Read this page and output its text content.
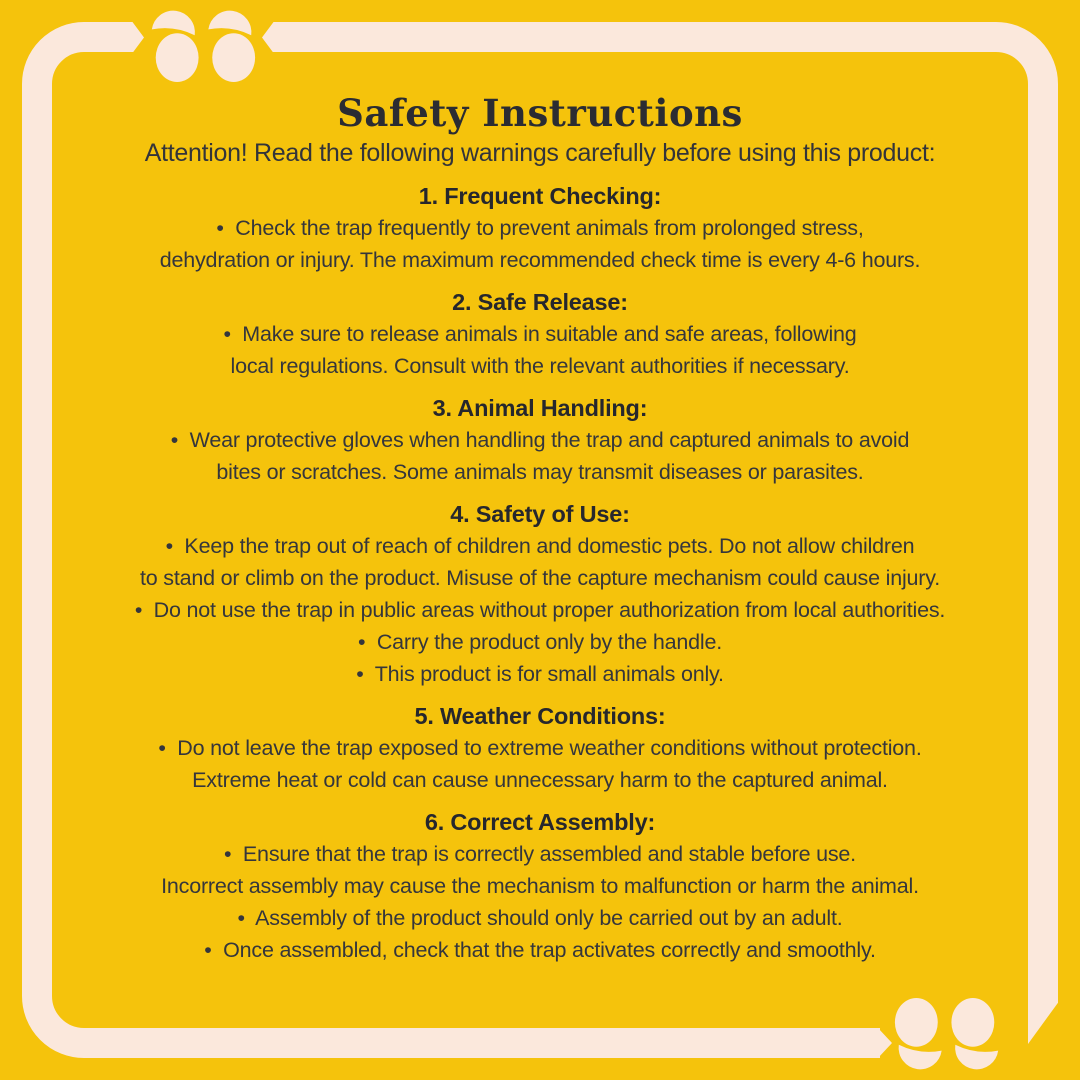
Safety Instructions
Attention! Read the following warnings carefully before using this product:
1. Frequent Checking:
•  Check the trap frequently to prevent animals from prolonged stress,
dehydration or injury. The maximum recommended check time is every 4-6 hours.
2. Safe Release:
•  Make sure to release animals in suitable and safe areas, following
local regulations. Consult with the relevant authorities if necessary.
3. Animal Handling:
•  Wear protective gloves when handling the trap and captured animals to avoid
bites or scratches. Some animals may transmit diseases or parasites.
4. Safety of Use:
•  Keep the trap out of reach of children and domestic pets. Do not allow children
to stand or climb on the product. Misuse of the capture mechanism could cause injury.
•  Do not use the trap in public areas without proper authorization from local authorities.
•  Carry the product only by the handle.
•  This product is for small animals only.
5. Weather Conditions:
•  Do not leave the trap exposed to extreme weather conditions without protection.
Extreme heat or cold can cause unnecessary harm to the captured animal.
6. Correct Assembly:
•  Ensure that the trap is correctly assembled and stable before use.
Incorrect assembly may cause the mechanism to malfunction or harm the animal.
•  Assembly of the product should only be carried out by an adult.
•  Once assembled, check that the trap activates correctly and smoothly.
